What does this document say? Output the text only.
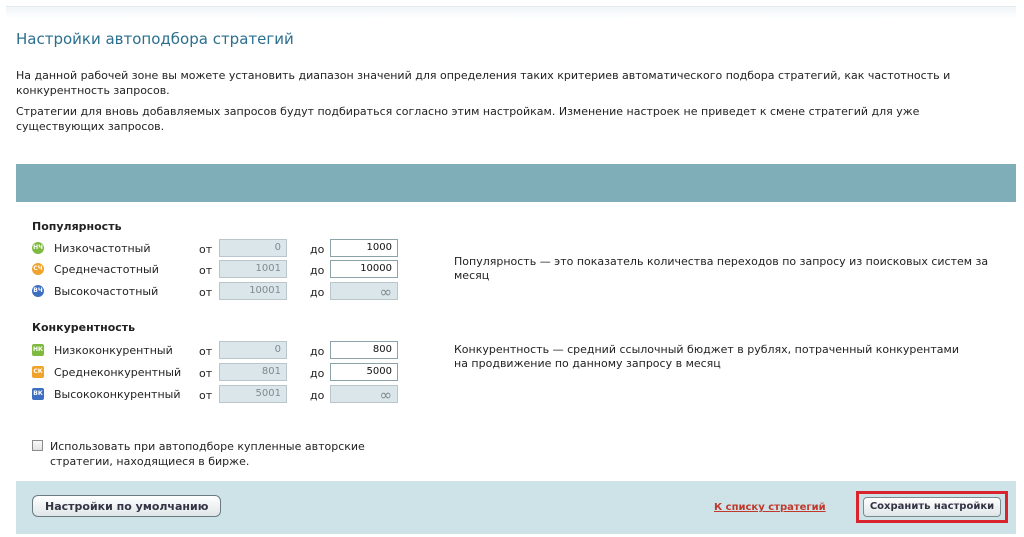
Настройки автоподбора стратегий
На данной рабочей зоне вы можете установить диапазон значений для определения таких критериев автоматического подбора стратегий, как частотность и конкурентность запросов.
Стратегии для вновь добавляемых запросов будут подбираться согласно этим настройкам. Изменение настроек не приведет к смене стратегий для уже существующих запросов.
Популярность
НЧ Низкочастотный	от	0	до	1000
СЧ Среднечастотный	от	1001	до	10000
ВЧ Высокочастотный	от	10001	до	∞
Популярность — это показатель количества переходов по запросу из поисковых систем за месяц
Конкурентность
НК Низкоконкурентный от	0	до	800
СК Среднеконкурентный от	801	до	5000
ВК Высококонкурентный от	5001	до	∞
Конкурентность — средний ссылочный бюджет в рублях, потраченный конкурентами на продвижение по данному запросу в месяц
Использовать при автоподборе купленные авторские стратегии, находящиеся в бирже.
Настройки по умолчанию	К списку стратегий	Сохранить настройки
